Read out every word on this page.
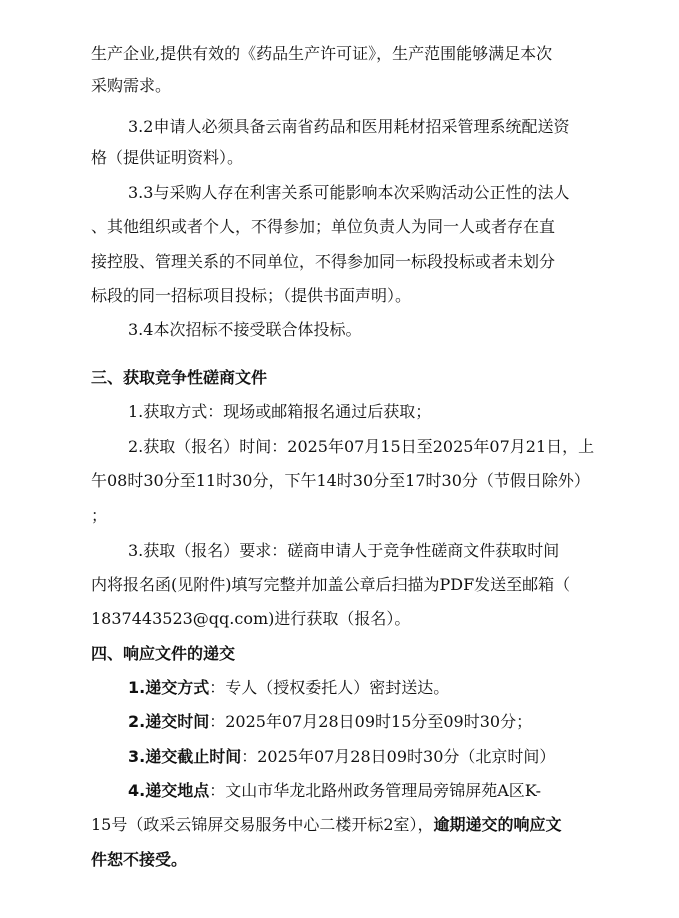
生产企业,提供有效的《药品生产许可证》，生产范围能够满足本次
采购需求。
3.2申请人必须具备云南省药品和医用耗材招采管理系统配送资
格（提供证明资料）。
3.3与采购人存在利害关系可能影响本次采购活动公正性的法人
、其他组织或者个人，不得参加；单位负责人为同一人或者存在直
接控股、管理关系的不同单位，不得参加同一标段投标或者未划分
标段的同一招标项目投标；（提供书面声明）。
3.4本次招标不接受联合体投标。
三、获取竞争性磋商文件
1.获取方式：现场或邮箱报名通过后获取；
2.获取（报名）时间：2025年07月15日至2025年07月21日，上
午08时30分至11时30分，下午14时30分至17时30分（节假日除外）
；
3.获取（报名）要求：磋商申请人于竞争性磋商文件获取时间
内将报名函(见附件)填写完整并加盖公章后扫描为PDF发送至邮箱（
1837443523@qq.com)进行获取（报名）。
四、响应文件的递交
1.递交方式：专人（授权委托人）密封送达。
2.递交时间：2025年07月28日09时15分至09时30分；
3.递交截止时间：2025年07月28日09时30分（北京时间）
4.递交地点：文山市华龙北路州政务管理局旁锦屏苑A区K-
15号（政采云锦屏交易服务中心二楼开标2室），逾期递交的响应文
件恕不接受。
